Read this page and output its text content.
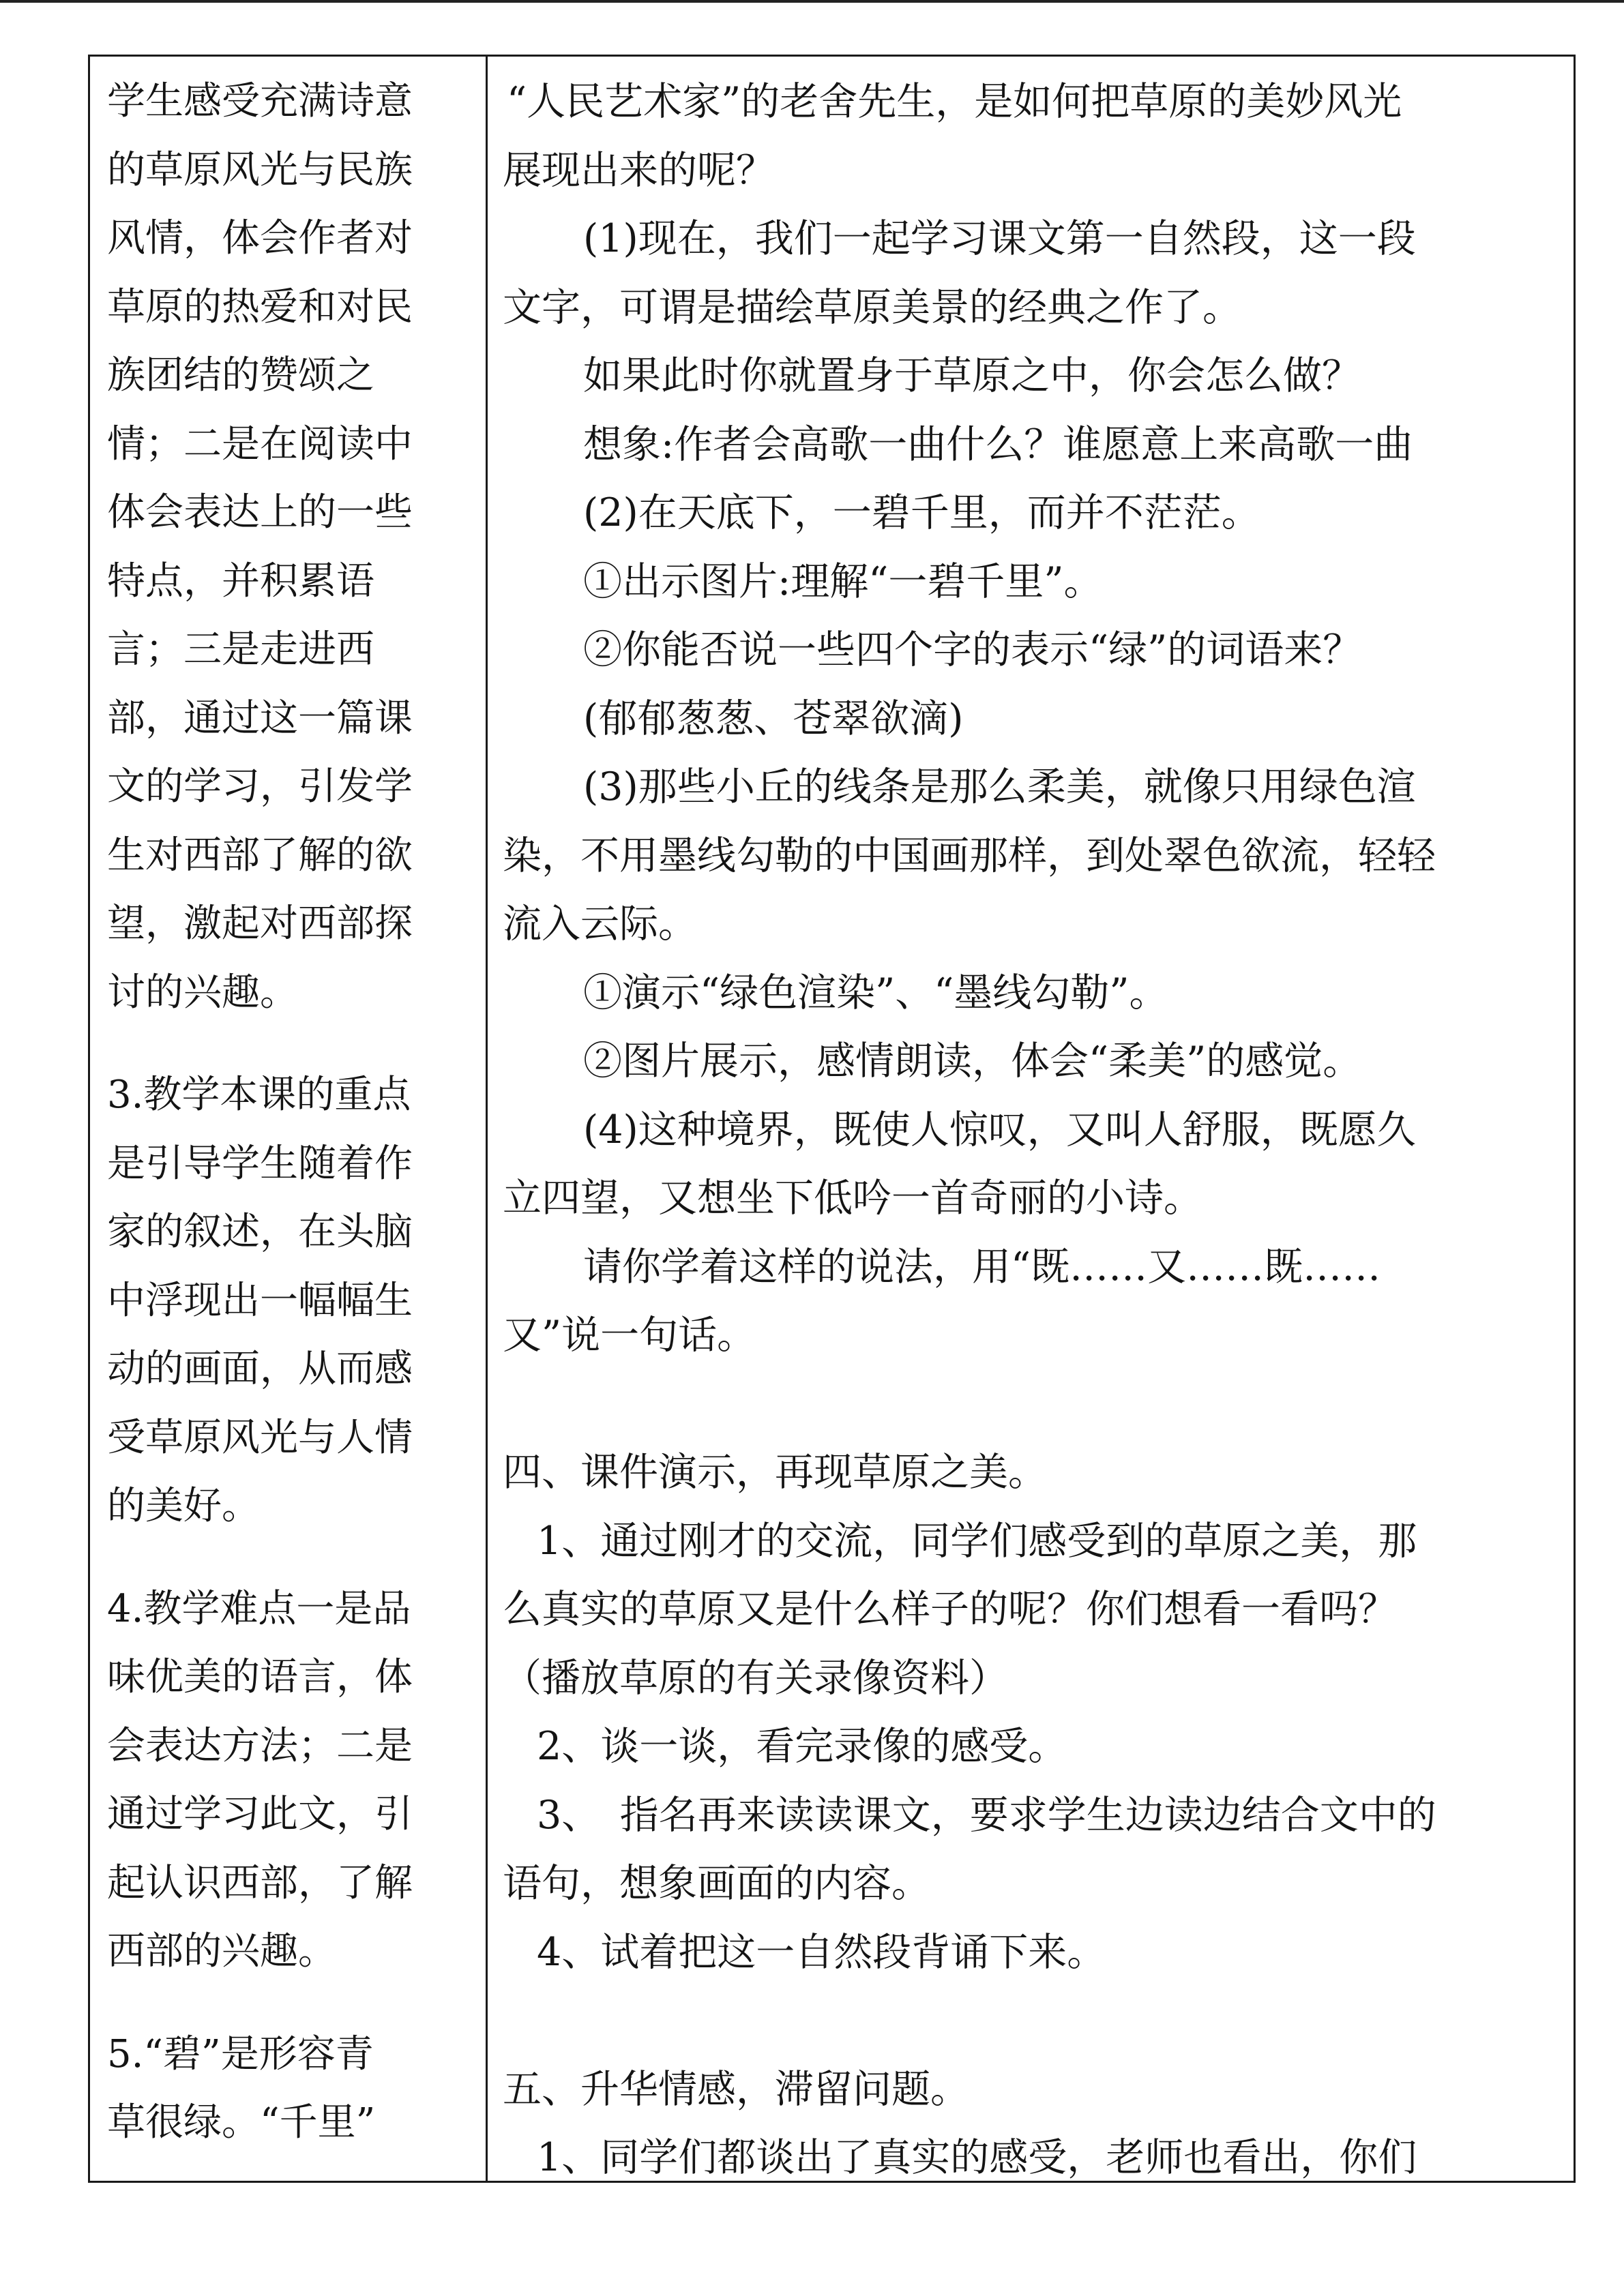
学生感受充满诗意
的草原风光与民族
风情，体会作者对
草原的热爱和对民
族团结的赞颂之
情；二是在阅读中
体会表达上的一些
特点，并积累语
言；三是走进西
部，通过这一篇课
文的学习，引发学
生对西部了解的欲
望，激起对西部探
讨的兴趣。
3.教学本课的重点
是引导学生随着作
家的叙述，在头脑
中浮现出一幅幅生
动的画面，从而感
受草原风光与人情
的美好。
4.教学难点一是品
味优美的语言，体
会表达方法；二是
通过学习此文，引
起认识西部，了解
西部的兴趣。
5.“碧”是形容青
草很绿。“千里”
“人民艺术家”的老舍先生，是如何把草原的美妙风光
展现出来的呢？
(1)现在，我们一起学习课文第一自然段，这一段
文字，可谓是描绘草原美景的经典之作了。
如果此时你就置身于草原之中，你会怎么做？
想象:作者会高歌一曲什么？谁愿意上来高歌一曲
(2)在天底下，一碧千里，而并不茫茫。
①出示图片:理解“一碧千里”。
②你能否说一些四个字的表示“绿”的词语来？
(郁郁葱葱、苍翠欲滴)
(3)那些小丘的线条是那么柔美，就像只用绿色渲
染，不用墨线勾勒的中国画那样，到处翠色欲流，轻轻
流入云际。
①演示“绿色渲染”、“墨线勾勒”。
②图片展示，感情朗读，体会“柔美”的感觉。
(4)这种境界，既使人惊叹，又叫人舒服，既愿久
立四望，又想坐下低吟一首奇丽的小诗。
请你学着这样的说法，用“既……又……既……
又”说一句话。
四、课件演示，再现草原之美。
1、通过刚才的交流，同学们感受到的草原之美，那
么真实的草原又是什么样子的呢？你们想看一看吗？
（播放草原的有关录像资料）
2、谈一谈，看完录像的感受。
3、　指名再来读读课文，要求学生边读边结合文中的
语句，想象画面的内容。
4、试着把这一自然段背诵下来。
五、升华情感，滞留问题。
1、同学们都谈出了真实的感受，老师也看出，你们
